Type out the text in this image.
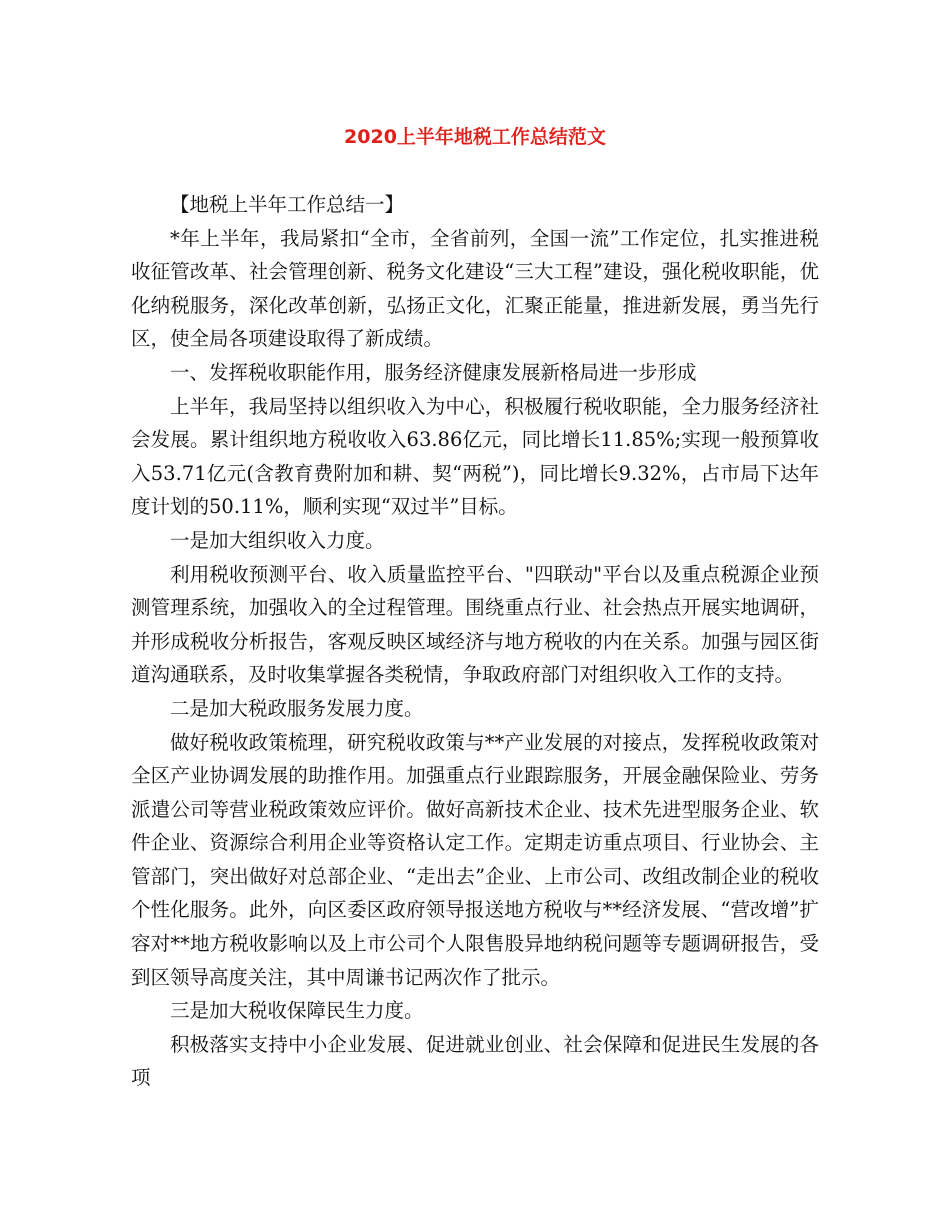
2020上半年地税工作总结范文

【地税上半年工作总结一】

*年上半年，我局紧扣“全市，全省前列，全国一流”工作定位，扎实推进税收征管改革、社会管理创新、税务文化建设“三大工程”建设，强化税收职能，优化纳税服务，深化改革创新，弘扬正文化，汇聚正能量，推进新发展，勇当先行区，使全局各项建设取得了新成绩。

一、发挥税收职能作用，服务经济健康发展新格局进一步形成

上半年，我局坚持以组织收入为中心，积极履行税收职能，全力服务经济社会发展。累计组织地方税收收入63.86亿元，同比增长11.85%;实现一般预算收入53.71亿元(含教育费附加和耕、契“两税”)，同比增长9.32%，占市局下达年度计划的50.11%，顺利实现“双过半”目标。

一是加大组织收入力度。

利用税收预测平台、收入质量监控平台、"四联动"平台以及重点税源企业预测管理系统，加强收入的全过程管理。围绕重点行业、社会热点开展实地调研，并形成税收分析报告，客观反映区域经济与地方税收的内在关系。加强与园区街道沟通联系，及时收集掌握各类税情，争取政府部门对组织收入工作的支持。

二是加大税政服务发展力度。

做好税收政策梳理，研究税收政策与**产业发展的对接点，发挥税收政策对全区产业协调发展的助推作用。加强重点行业跟踪服务，开展金融保险业、劳务派遣公司等营业税政策效应评价。做好高新技术企业、技术先进型服务企业、软件企业、资源综合利用企业等资格认定工作。定期走访重点项目、行业协会、主管部门，突出做好对总部企业、“走出去”企业、上市公司、改组改制企业的税收个性化服务。此外，向区委区政府领导报送地方税收与**经济发展、“营改增”扩容对**地方税收影响以及上市公司个人限售股异地纳税问题等专题调研报告，受到区领导高度关注，其中周谦书记两次作了批示。

三是加大税收保障民生力度。

积极落实支持中小企业发展、促进就业创业、社会保障和促进民生发展的各项
